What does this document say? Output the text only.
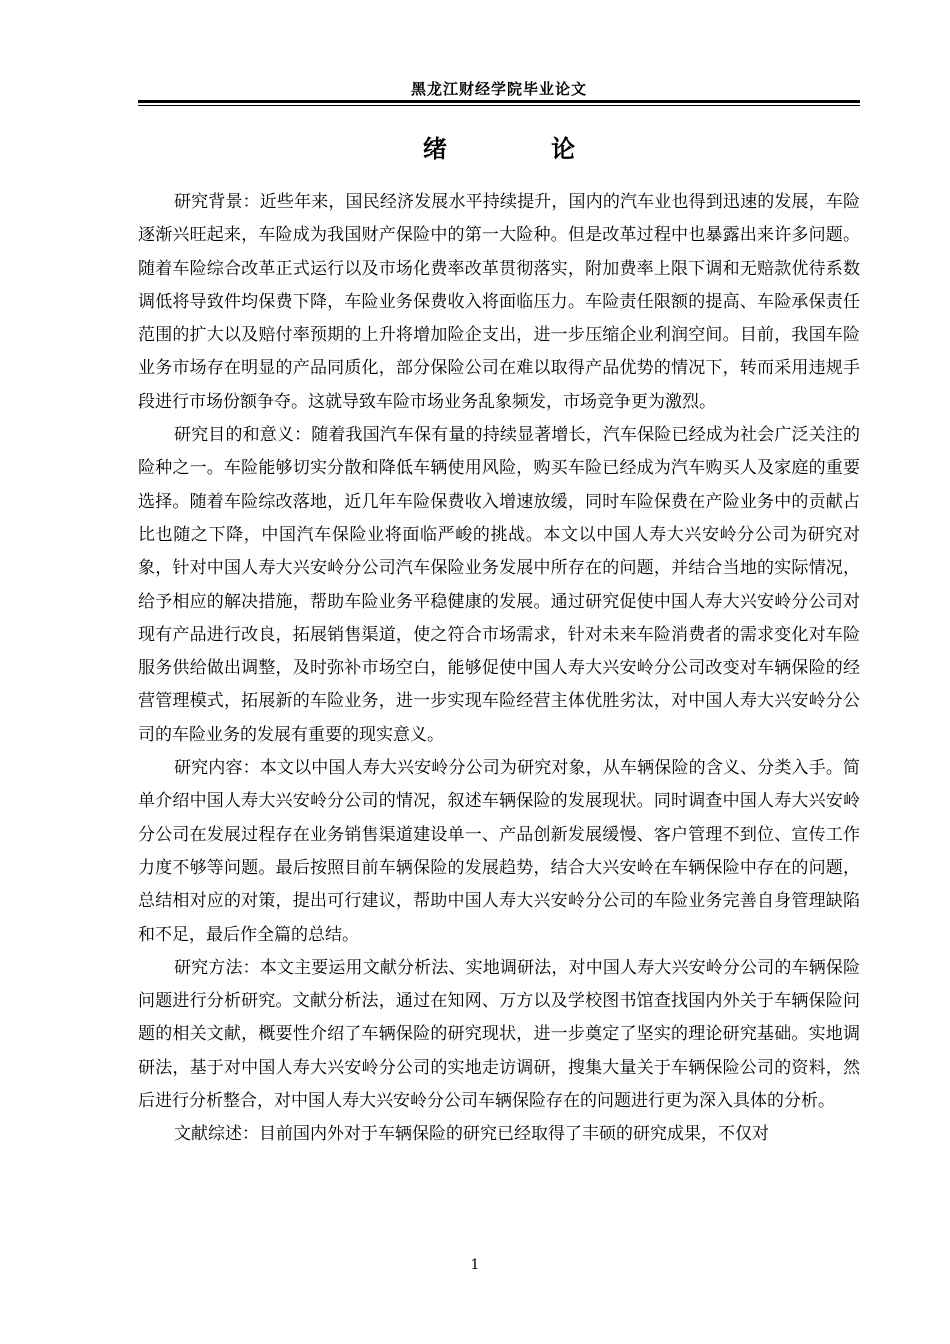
黑龙江财经学院毕业论文
绪 论

研究背景：近些年来，国民经济发展水平持续提升，国内的汽车业也得到迅速的发展，车险逐渐兴旺起来，车险成为我国财产保险中的第一大险种。但是改革过程中也暴露出来许多问题。随着车险综合改革正式运行以及市场化费率改革贯彻落实，附加费率上限下调和无赔款优待系数调低将导致件均保费下降，车险业务保费收入将面临压力。车险责任限额的提高、车险承保责任范围的扩大以及赔付率预期的上升将增加险企支出，进一步压缩企业利润空间。目前，我国车险业务市场存在明显的产品同质化，部分保险公司在难以取得产品优势的情况下，转而采用违规手段进行市场份额争夺。这就导致车险市场业务乱象频发，市场竞争更为激烈。

研究目的和意义：随着我国汽车保有量的持续显著增长，汽车保险已经成为社会广泛关注的险种之一。车险能够切实分散和降低车辆使用风险，购买车险已经成为汽车购买人及家庭的重要选择。随着车险综改落地，近几年车险保费收入增速放缓，同时车险保费在产险业务中的贡献占比也随之下降，中国汽车保险业将面临严峻的挑战。本文以中国人寿大兴安岭分公司为研究对象，针对中国人寿大兴安岭分公司汽车保险业务发展中所存在的问题，并结合当地的实际情况，给予相应的解决措施，帮助车险业务平稳健康的发展。通过研究促使中国人寿大兴安岭分公司对现有产品进行改良，拓展销售渠道，使之符合市场需求，针对未来车险消费者的需求变化对车险服务供给做出调整，及时弥补市场空白，能够促使中国人寿大兴安岭分公司改变对车辆保险的经营管理模式，拓展新的车险业务，进一步实现车险经营主体优胜劣汰，对中国人寿大兴安岭分公司的车险业务的发展有重要的现实意义。

研究内容：本文以中国人寿大兴安岭分公司为研究对象，从车辆保险的含义、分类入手。简单介绍中国人寿大兴安岭分公司的情况，叙述车辆保险的发展现状。同时调查中国人寿大兴安岭分公司在发展过程存在业务销售渠道建设单一、产品创新发展缓慢、客户管理不到位、宣传工作力度不够等问题。最后按照目前车辆保险的发展趋势，结合大兴安岭在车辆保险中存在的问题，总结相对应的对策，提出可行建议，帮助中国人寿大兴安岭分公司的车险业务完善自身管理缺陷和不足，最后作全篇的总结。

研究方法：本文主要运用文献分析法、实地调研法，对中国人寿大兴安岭分公司的车辆保险问题进行分析研究。文献分析法，通过在知网、万方以及学校图书馆查找国内外关于车辆保险问题的相关文献，概要性介绍了车辆保险的研究现状，进一步奠定了坚实的理论研究基础。实地调研法，基于对中国人寿大兴安岭分公司的实地走访调研，搜集大量关于车辆保险公司的资料，然后进行分析整合，对中国人寿大兴安岭分公司车辆保险存在的问题进行更为深入具体的分析。

文献综述：目前国内外对于车辆保险的研究已经取得了丰硕的研究成果，不仅对

1
